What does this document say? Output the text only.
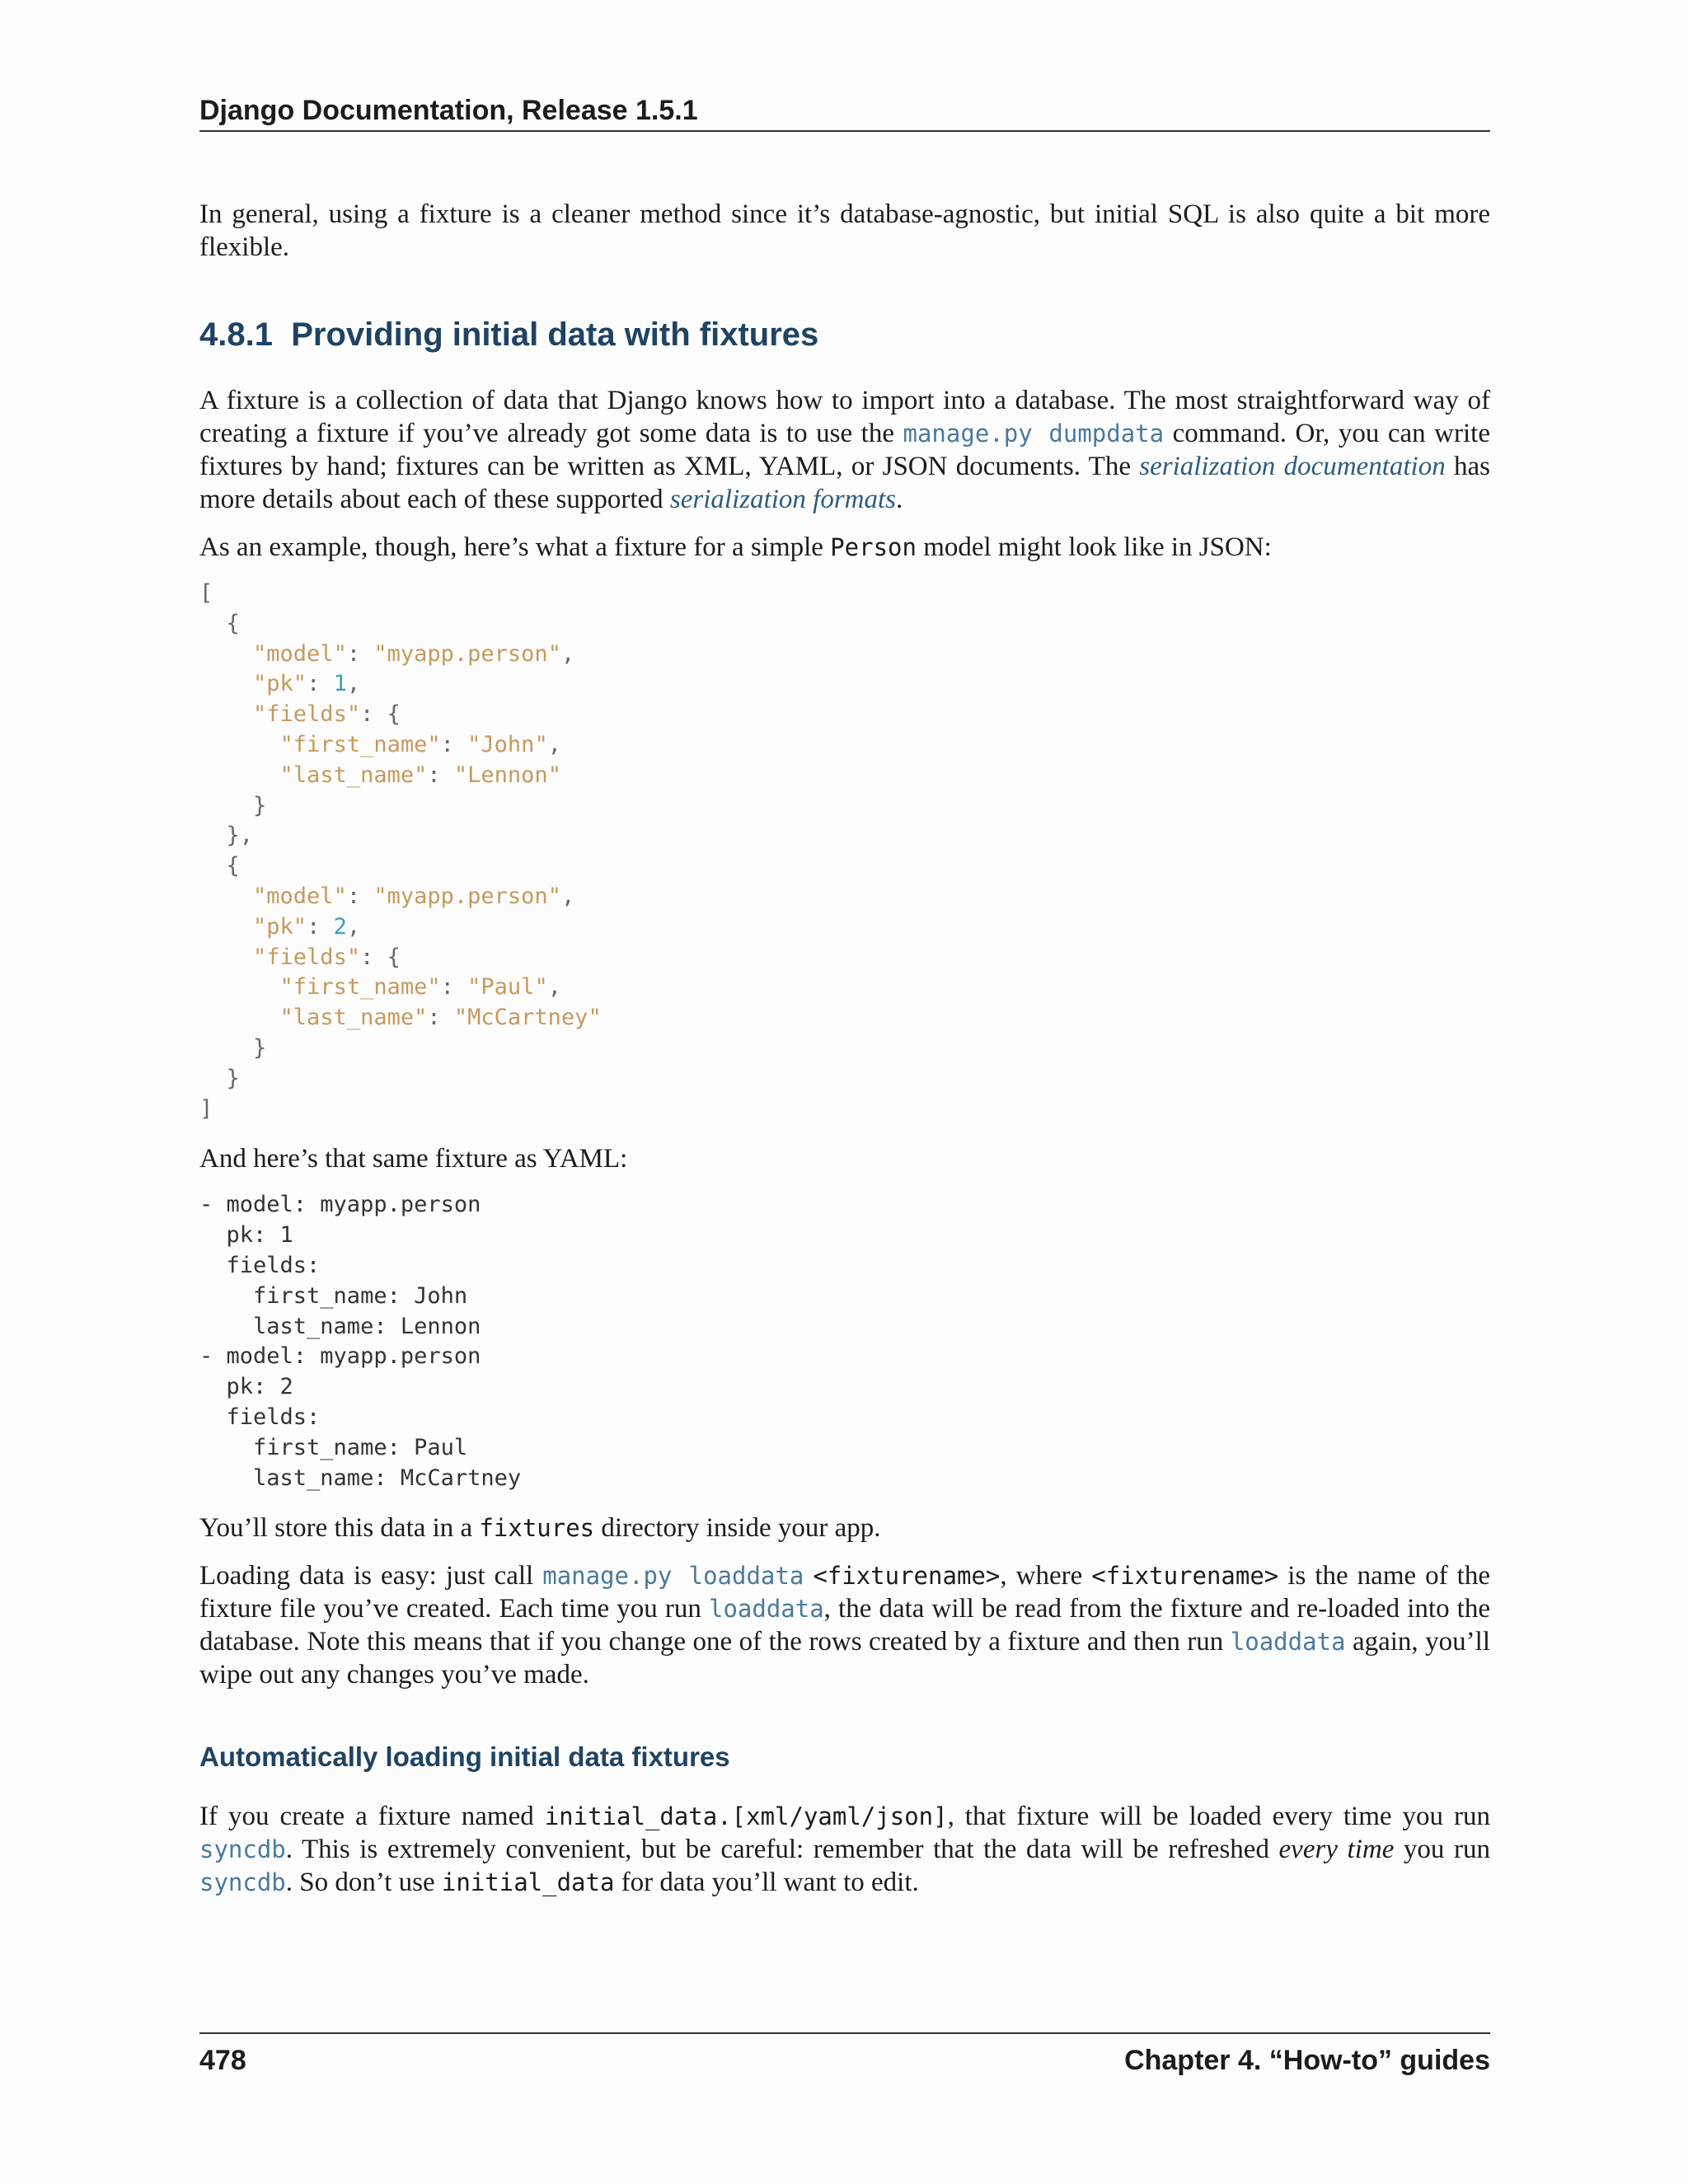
Django Documentation, Release 1.5.1

In general, using a fixture is a cleaner method since it’s database-agnostic, but initial SQL is also quite a bit more flexible.

4.8.1 Providing initial data with fixtures

A fixture is a collection of data that Django knows how to import into a database. The most straightforward way of creating a fixture if you’ve already got some data is to use the manage.py dumpdata command. Or, you can write fixtures by hand; fixtures can be written as XML, YAML, or JSON documents. The serialization documentation has more details about each of these supported serialization formats.

As an example, though, here’s what a fixture for a simple Person model might look like in JSON:

[
{
"model": "myapp.person",
"pk": 1,
"fields": {
"first_name": "John",
"last_name": "Lennon"
}
},
{
"model": "myapp.person",
"pk": 2,
"fields": {
"first_name": "Paul",
"last_name": "McCartney"
}
}
]

And here’s that same fixture as YAML:

- model: myapp.person
pk: 1
fields:
first_name: John
last_name: Lennon
- model: myapp.person
pk: 2
fields:
first_name: Paul
last_name: McCartney

You’ll store this data in a fixtures directory inside your app.

Loading data is easy: just call manage.py loaddata <fixturename>, where <fixturename> is the name of the fixture file you’ve created. Each time you run loaddata, the data will be read from the fixture and re-loaded into the database. Note this means that if you change one of the rows created by a fixture and then run loaddata again, you’ll wipe out any changes you’ve made.

Automatically loading initial data fixtures

If you create a fixture named initial_data.[xml/yaml/json], that fixture will be loaded every time you run syncdb. This is extremely convenient, but be careful: remember that the data will be refreshed every time you run syncdb. So don’t use initial_data for data you’ll want to edit.

478	Chapter 4. “How-to” guides
